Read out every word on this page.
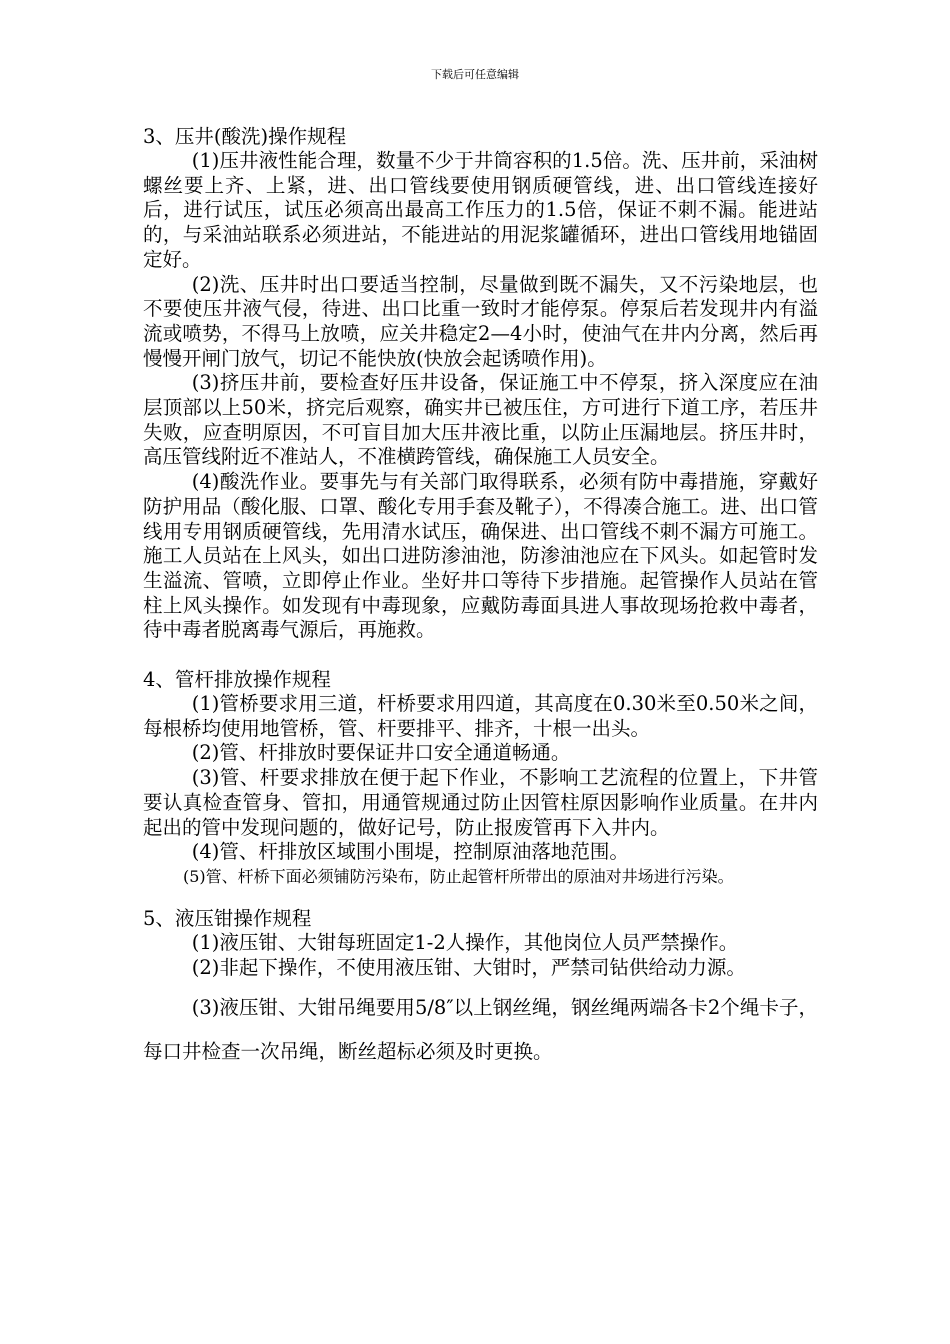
下载后可任意编辑
3、压井(酸洗)操作规程

(1)压井液性能合理，数量不少于井筒容积的1.5倍。洗、压井前，采油树螺丝要上齐、上紧，进、出口管线要使用钢质硬管线，进、出口管线连接好后，进行试压，试压必须高出最高工作压力的1.5倍，保证不刺不漏。能进站的，与采油站联系必须进站，不能进站的用泥浆罐循环，进出口管线用地锚固定好。

(2)洗、压井时出口要适当控制，尽量做到既不漏失，又不污染地层，也不要使压井液气侵，待进、出口比重一致时才能停泵。停泵后若发现井内有溢流或喷势，不得马上放喷，应关井稳定2—4小时，使油气在井内分离，然后再慢慢开闸门放气，切记不能快放(快放会起诱喷作用)。

(3)挤压井前，要检查好压井设备，保证施工中不停泵，挤入深度应在油层顶部以上50米，挤完后观察，确实井已被压住，方可进行下道工序，若压井失败，应查明原因，不可盲目加大压井液比重，以防止压漏地层。挤压井时，高压管线附近不准站人，不准横跨管线，确保施工人员安全。

(4)酸洗作业。要事先与有关部门取得联系，必须有防中毒措施，穿戴好防护用品（酸化服、口罩、酸化专用手套及靴子），不得凑合施工。进、出口管线用专用钢质硬管线，先用清水试压，确保进、出口管线不刺不漏方可施工。施工人员站在上风头，如出口进防渗油池，防渗油池应在下风头。如起管时发生溢流、管喷，立即停止作业。坐好井口等待下步措施。起管操作人员站在管柱上风头操作。如发现有中毒现象，应戴防毒面具进人事故现场抢救中毒者，待中毒者脱离毒气源后，再施救。

4、管杆排放操作规程

(1)管桥要求用三道，杆桥要求用四道，其高度在0.30米至0.50米之间，每根桥均使用地管桥，管、杆要排平、排齐，十根一出头。

(2)管、杆排放时要保证井口安全通道畅通。

(3)管、杆要求排放在便于起下作业，不影响工艺流程的位置上，下井管要认真检查管身、管扣，用通管规通过防止因管柱原因影响作业质量。在井内起出的管中发现问题的，做好记号，防止报废管再下入井内。

(4)管、杆排放区域围小围堤，控制原油落地范围。

(5)管、杆桥下面必须铺防污染布，防止起管杆所带出的原油对井场进行污染。

5、液压钳操作规程

(1)液压钳、大钳每班固定1-2人操作，其他岗位人员严禁操作。

(2)非起下操作，不使用液压钳、大钳时，严禁司钻供给动力源。

(3)液压钳、大钳吊绳要用5/8″以上钢丝绳，钢丝绳两端各卡2个绳卡子，每口井检查一次吊绳，断丝超标必须及时更换。
